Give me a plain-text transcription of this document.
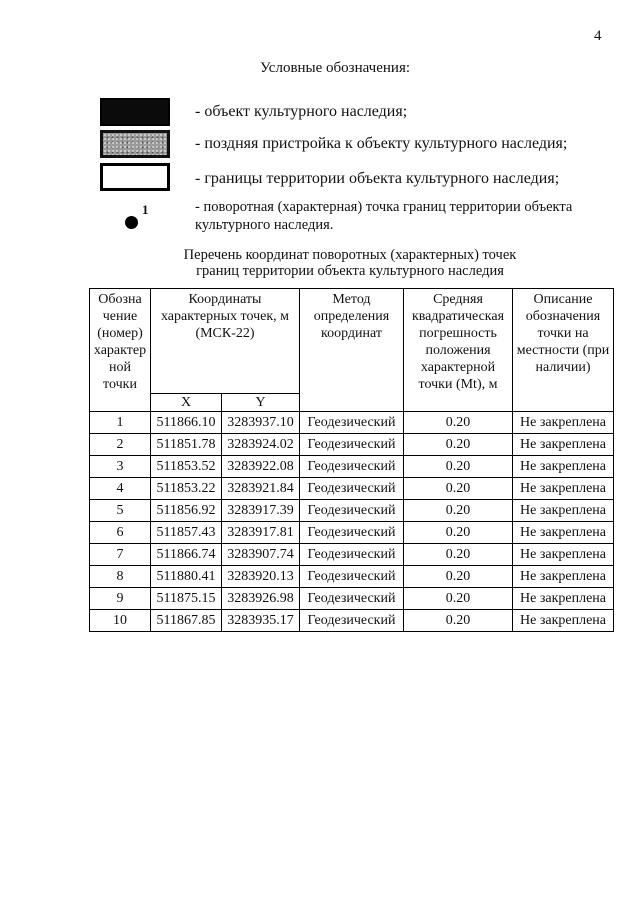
4
Условные обозначения:
- объект культурного наследия;
- поздняя пристройка к объекту культурного наследия;
- границы территории объекта культурного наследия;
1	- поворотная (характерная) точка границ территории объекта культурного наследия.
Перечень координат поворотных (характерных) точек
границ территории объекта культурного наследия
Обозна чение (номер) характер ной точки	Координаты характерных точек, м (МСК-22)		Метод определения координат	Средняя квадратическая погрешность положения характерной точки (Mt), м	Описание обозначения точки на местности (при наличии)
	X	Y			
1	511866.10	3283937.10	Геодезический	0.20	Не закреплена
2	511851.78	3283924.02	Геодезический	0.20	Не закреплена
3	511853.52	3283922.08	Геодезический	0.20	Не закреплена
4	511853.22	3283921.84	Геодезический	0.20	Не закреплена
5	511856.92	3283917.39	Геодезический	0.20	Не закреплена
6	511857.43	3283917.81	Геодезический	0.20	Не закреплена
7	511866.74	3283907.74	Геодезический	0.20	Не закреплена
8	511880.41	3283920.13	Геодезический	0.20	Не закреплена
9	511875.15	3283926.98	Геодезический	0.20	Не закреплена
10	511867.85	3283935.17	Геодезический	0.20	Не закреплена
